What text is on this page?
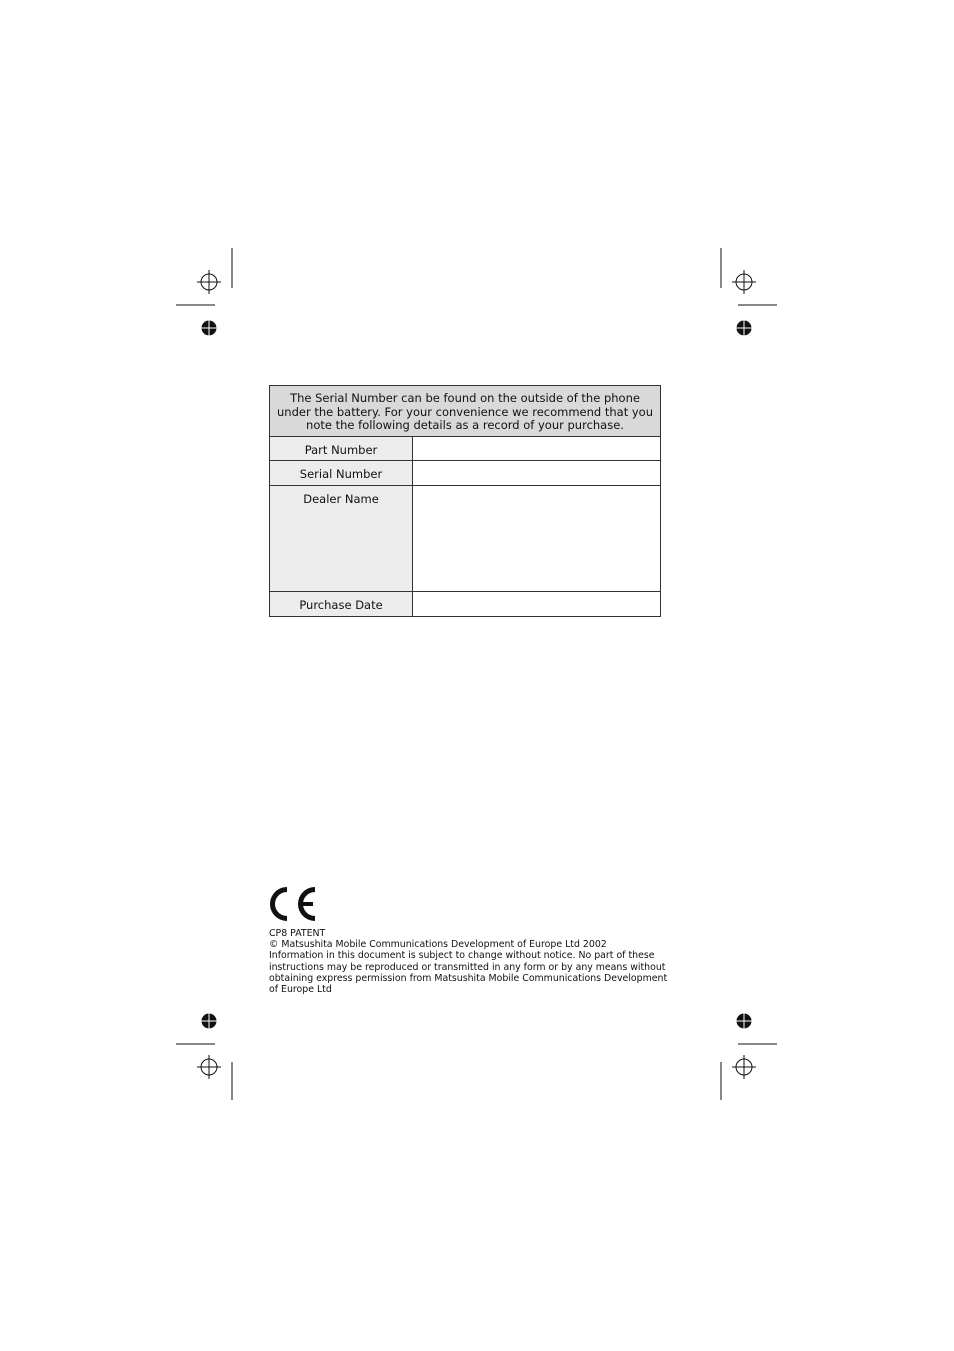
The Serial Number can be found on the outside of the phone under the battery. For your convenience we recommend that you note the following details as a record of your purchase.	
Part Number	
Serial Number	
Dealer Name	
Purchase Date	
CP8 PATENT
© Matsushita Mobile Communications Development of Europe Ltd 2002
Information in this document is subject to change without notice. No part of these
instructions may be reproduced or transmitted in any form or by any means without
obtaining express permission from Matsushita Mobile Communications Development
of Europe Ltd
